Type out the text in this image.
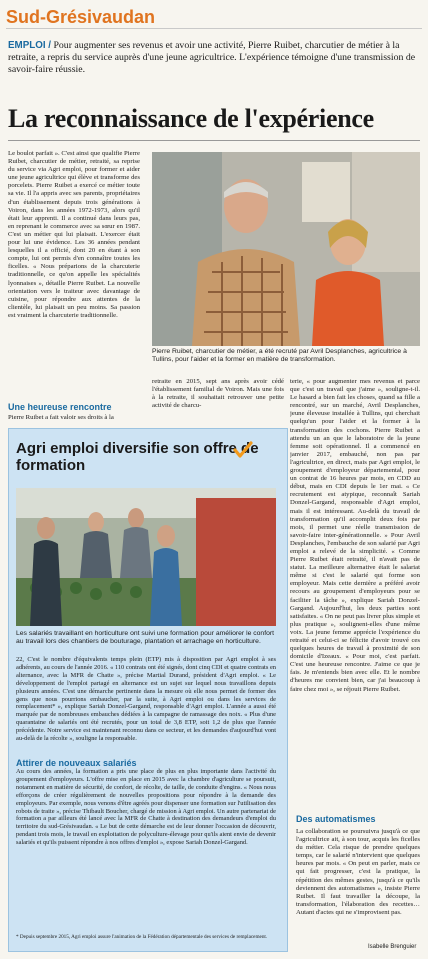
Sud-Grésivaudan
EMPLOI / Pour augmenter ses revenus et avoir une activité, Pierre Ruibet, charcutier de métier à la retraite, a repris du service auprès d'une jeune agricultrice. L'expérience témoigne d'une transmission de savoir-faire réussie.
La reconnaissance de l'expérience
Le boulot parfait ». C'est ainsi que qualifie Pierre Ruibet, charcutier de métier, retraité, sa reprise du service via Agri emploi, pour former et aider une jeune agricultrice qui élève et transforme des porcelets. Pierre Ruibet a exercé ce métier toute sa vie. Il l'a appris avec ses parents, propriétaires d'un établissement depuis trois générations à Voiron, dans les années 1972-1973, alors qu'il était leur apprenti. Il a continué dans leurs pas, en reprenant le commerce avec sa sœur en 1987. C'est un métier qui lui plaisait. L'exercer était pour lui une évidence. Les 36 années pendant lesquelles il a officié, dont 20 en étant à son compte, lui ont permis d'en connaître toutes les ficelles. « Nous préparions de la charcuterie traditionnelle, ce qu'on appelle les spécialités lyonnaises », détaille Pierre Ruibet. La nouvelle orientation vers le traiteur avec davantage de cuisine, pour répondre aux attentes de la clientèle, lui plaisait un peu moins. Sa passion est vraiment la charcuterie traditionnelle.
Une heureuse rencontre
Pierre Ruibet a fait valoir ses droits à la
Pierre Ruibet, charcutier de métier, a été recruté par Avril Desplanches, agricultrice à Tullins, pour l'aider et la former en matière de transformation.
retraite en 2015, sept ans après avoir cédé l'établissement familial de Voiron. Mais une fois à la retraite, il souhaitait retrouver une petite activité de charcu-
terie, « pour augmenter mes revenus et parce que c'est un travail que j'aime », souligne-t-il. Le hasard a bien fait les choses, quand sa fille a rencontré, sur un marché, Avril Desplanches, jeune éleveuse installée à Tullins, qui cherchait quelqu'un pour l'aider et la former à la transformation des cochons. Pierre Ruibet a attendu un an que le laboratoire de la jeune femme soit opérationnel. Il a commencé en janvier 2017, embauché, non pas par l'agricultrice, en direct, mais par Agri emploi, le groupement d'employeur départemental, pour un contrat de 16 heures par mois, en CDD au début, mais en CDI depuis le 1er mai. « Ce recrutement est atypique, reconnaît Sariah Donzel-Gargand, responsable d'Agri emploi, mais il est intéressant. Au-delà du travail de transformation qu'il accomplit deux fois par mois, il permet une réelle transmission de savoir-faire inter-générationnelle. » Pour Avril Desplanches, l'embauche de son salarié par Agri emploi a relevé de la simplicité. « Comme Pierre Ruibet était retraité, il n'avait pas de statut. La meilleure alternative était le salariat même si c'est le salarié qui forme son employeur. Mais cette dernière a préféré avoir recours au groupement d'employeurs pour se faciliter la tâche », explique Sariah Donzel-Gargand. Aujourd'hui, les deux parties sont satisfaites. « On ne peut pas livrer plus simple et plus pratique », soulignent-elles d'une même voix. La jeune femme apprécie l'expérience du retraité et celui-ci se félicite d'avoir trouvé ces quelques heures de travail à proximité de son domicile d'Izeaux. « Pour moi, c'est parfait. C'est une heureuse rencontre. J'aime ce que je fais. Je m'entends bien avec elle. Et le nombre d'heures me convient bien, car j'ai beaucoup à faire chez moi », se réjouit Pierre Ruibet.
Des automatismes
La collaboration se poursuivra jusqu'à ce que l'agricultrice ait, à son tour, acquis les ficelles du métier. Cela risque de prendre quelques temps, car le salarié n'intervient que quelques heures par mois. « On peut en parler, mais ce qui fait progresser, c'est la pratique, la répétition des mêmes gestes, jusqu'à ce qu'ils deviennent des automatismes », insiste Pierre Ruibet. Il faut travailler la découpe, la transformation, l'élaboration des recettes… Autant d'actes qui ne s'improvisent pas.
Isabelle Brenguier
Agri emploi diversifie son offre de formation
Les salariés travaillant en horticulture ont suivi une formation pour améliorer le confort au travail lors des chantiers de bouturage, plantation et arrachage en horticulture.
22, C'est le nombre d'équivalents temps plein (ETP) mis à disposition par Agri emploi à ses adhérents, au cours de l'année 2016. « 110 contrats ont été signés, dont cinq CDI et quatre contrats en alternance, avec la MFR de Chatte », précise Martial Durand, président d'Agri emploi. « Le développement de l'emploi partagé en alternance est un sujet sur lequel nous travaillons depuis plusieurs années. C'est une démarche pertinente dans la mesure où elle nous permet de former des gens que nous pourrions embaucher, par la suite, à Agri emploi ou dans les services de remplacement* », explique Sariah Donzel-Gargand, responsable d'Agri emploi. L'année a aussi été marquée par de nombreuses embauches dédiées à la campagne de ramassage des noix. « Plus d'une quarantaine de salariés ont été recrutés, pour un total de 3,8 ETP, soit 1,2 de plus que l'année précédente. Notre service est maintenant reconnu dans ce secteur, et les demandes d'aujourd'hui vont au-delà de la récolte », souligne la responsable.
Attirer de nouveaux salariés
Au cours des années, la formation a pris une place de plus en plus importante dans l'activité du groupement d'employeurs. L'offre mise en place en 2015 avec la chambre d'agriculture se poursuit, notamment en matière de sécurité, de confort, de récolte, de taille, de conduite d'engins. « Nous nous efforçons de créer régulièrement de nouvelles propositions pour répondre à la demande des employeurs. Par exemple, nous venons d'être agréés pour dispenser une formation sur l'utilisation des robots de traite », précise Thibault Boucher, chargé de mission à Agri emploi. Un autre partenariat de formation a par ailleurs été lancé avec la MFR de Chatte à destination des demandeurs d'emploi du territoire du sud-Grésivaudan. « Le but de cette démarche est de leur donner l'occasion de découvrir, pendant trois mois, le travail en exploitation de polyculture-élevage pour qu'ils aient envie de devenir salariés et qu'ils puissent répondre à nos offres d'emploi », expose Sariah Donzel-Gargand.
* Depuis septembre 2015, Agri emploi assure l'animation de la Fédération départementale des services de remplacement.
